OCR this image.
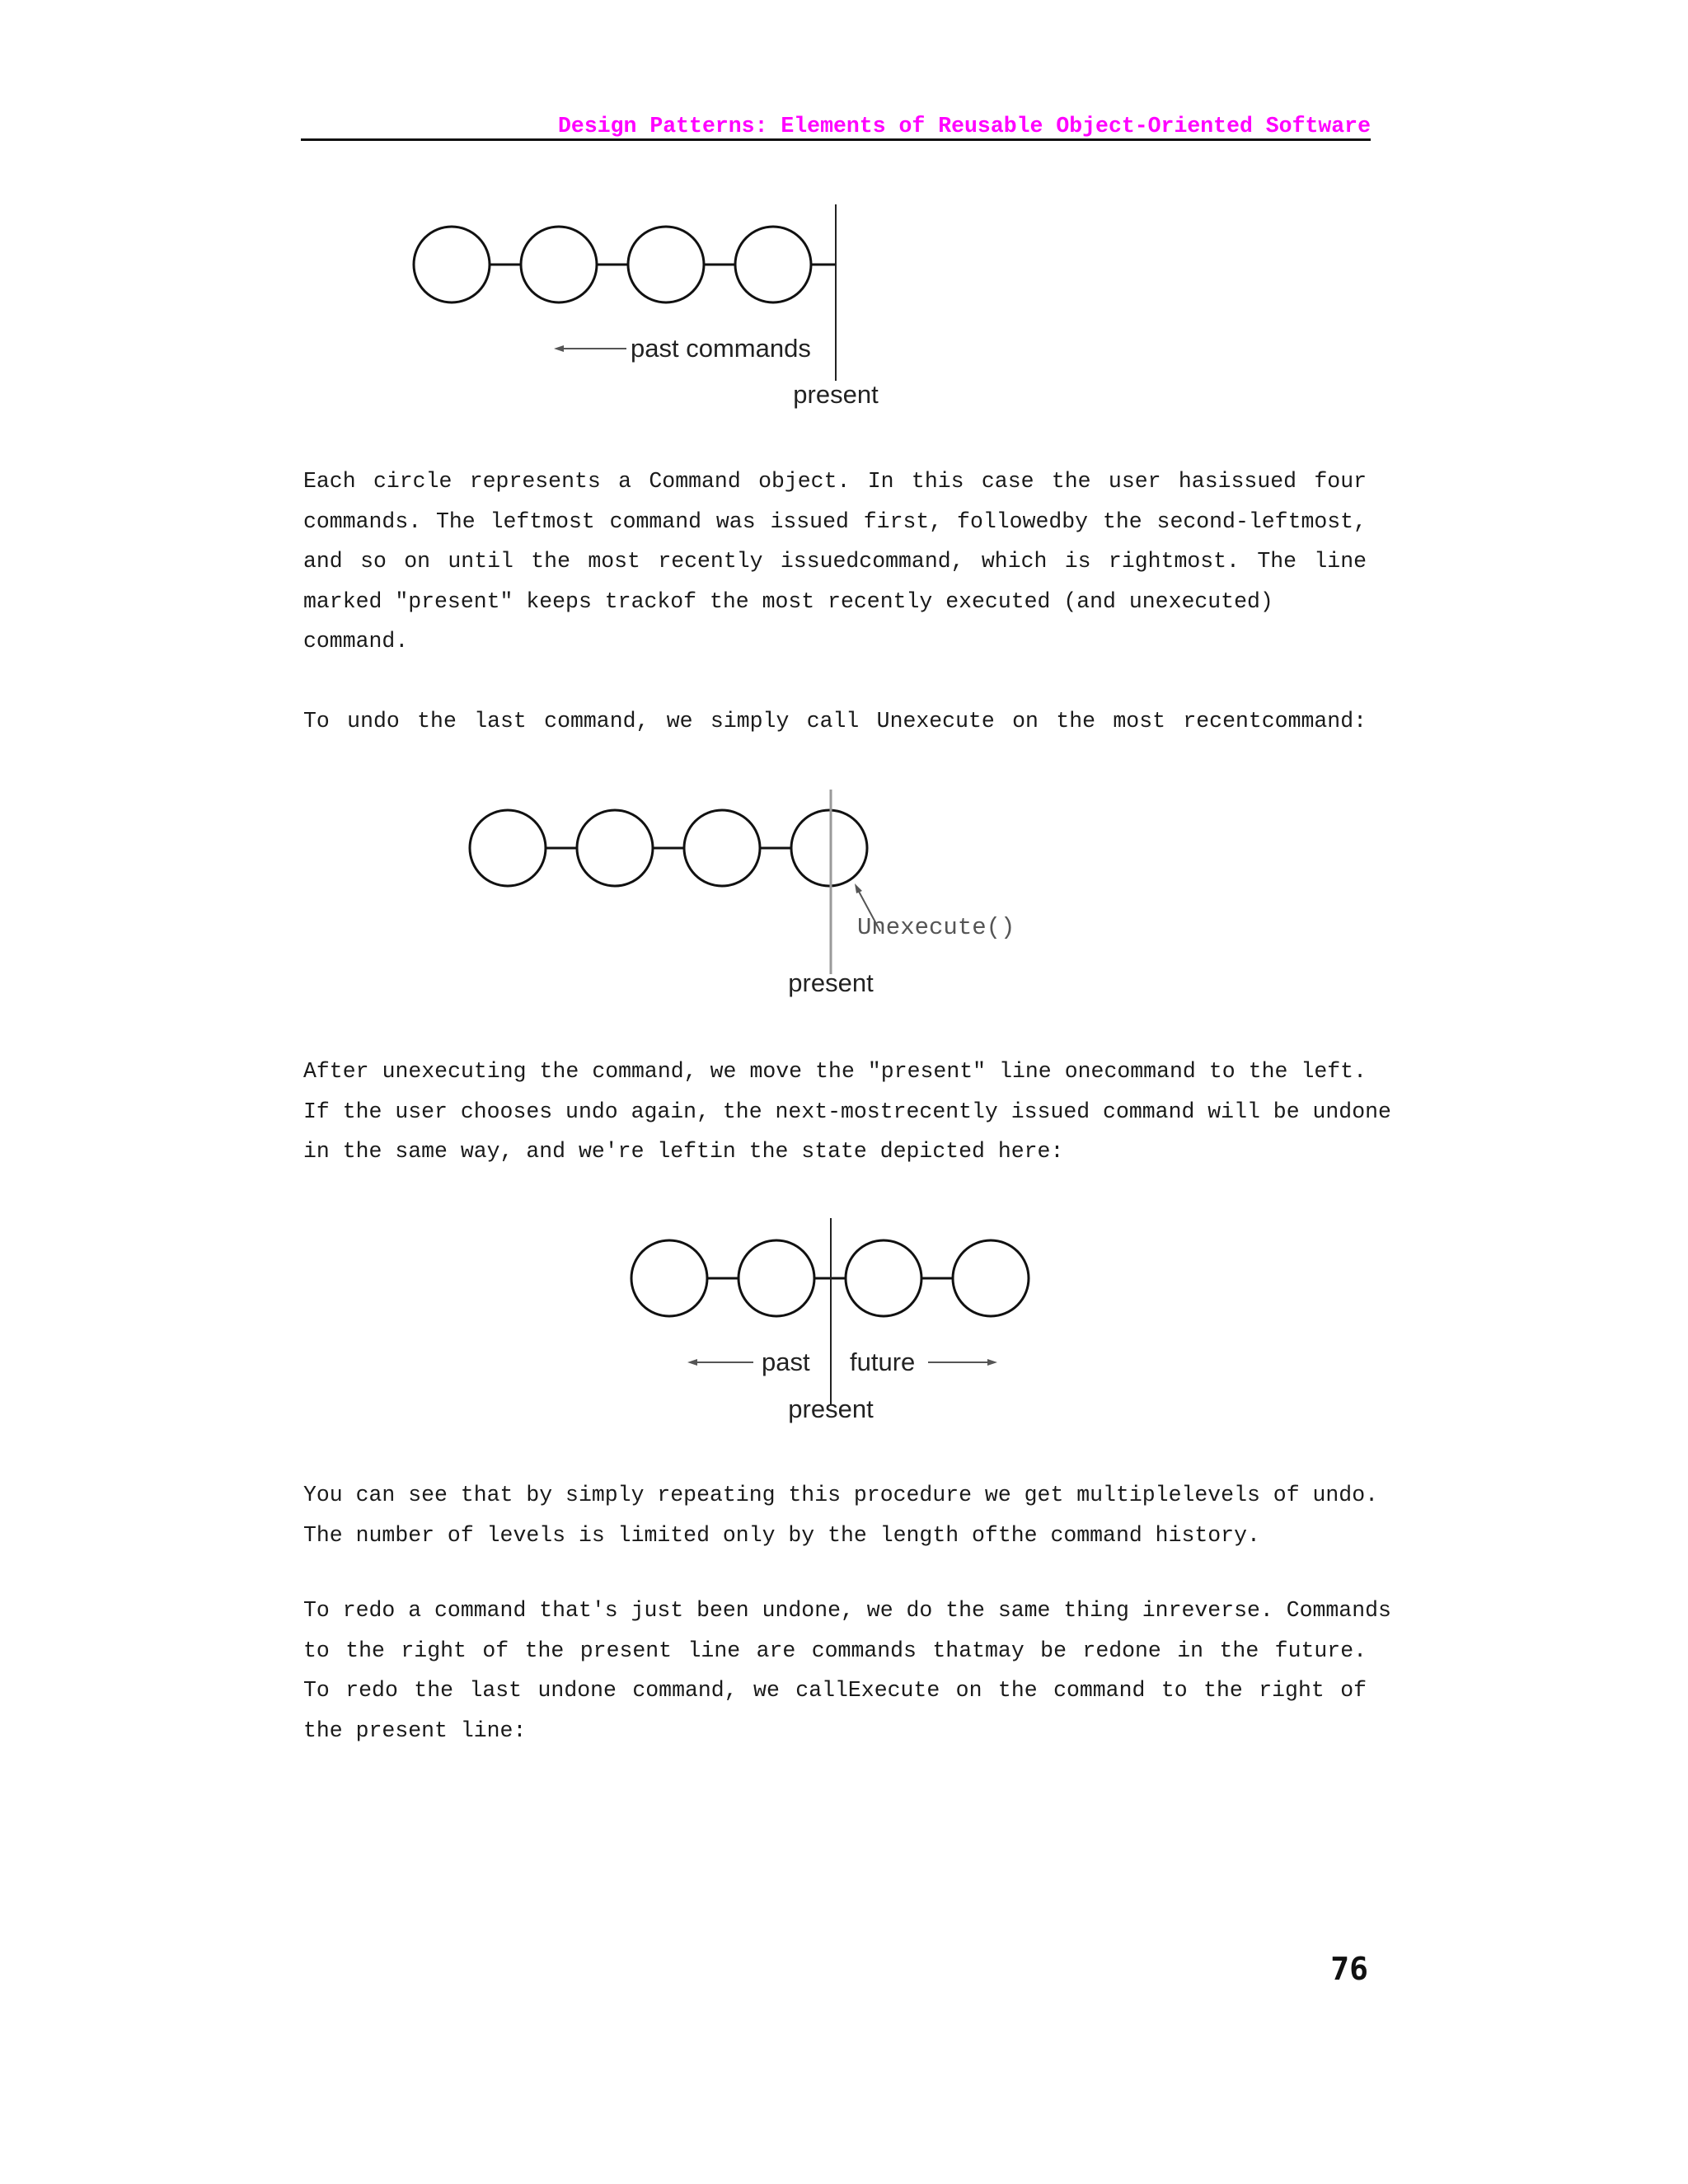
Design Patterns: Elements of Reusable Object-Oriented Software
past commands
present
Each circle represents a Command object. In this case the user hasissued four
commands. The leftmost command was issued first, followedby the second-leftmost,
and so on until the most recently issuedcommand, which is rightmost. The line
marked "present" keeps trackof the most recently executed (and unexecuted)
command.
To undo the last command, we simply call Unexecute on the most recentcommand:
Unexecute()
present
After unexecuting the command, we move the "present" line onecommand to the left.
If the user chooses undo again, the next-mostrecently issued command will be undone
in the same way, and we're leftin the state depicted here:
past future
present
You can see that by simply repeating this procedure we get multiplelevels of undo.
The number of levels is limited only by the length ofthe command history.
To redo a command that's just been undone, we do the same thing inreverse. Commands
to the right of the present line are commands thatmay be redone in the future.
To redo the last undone command, we callExecute on the command to the right of
the present line:
76
